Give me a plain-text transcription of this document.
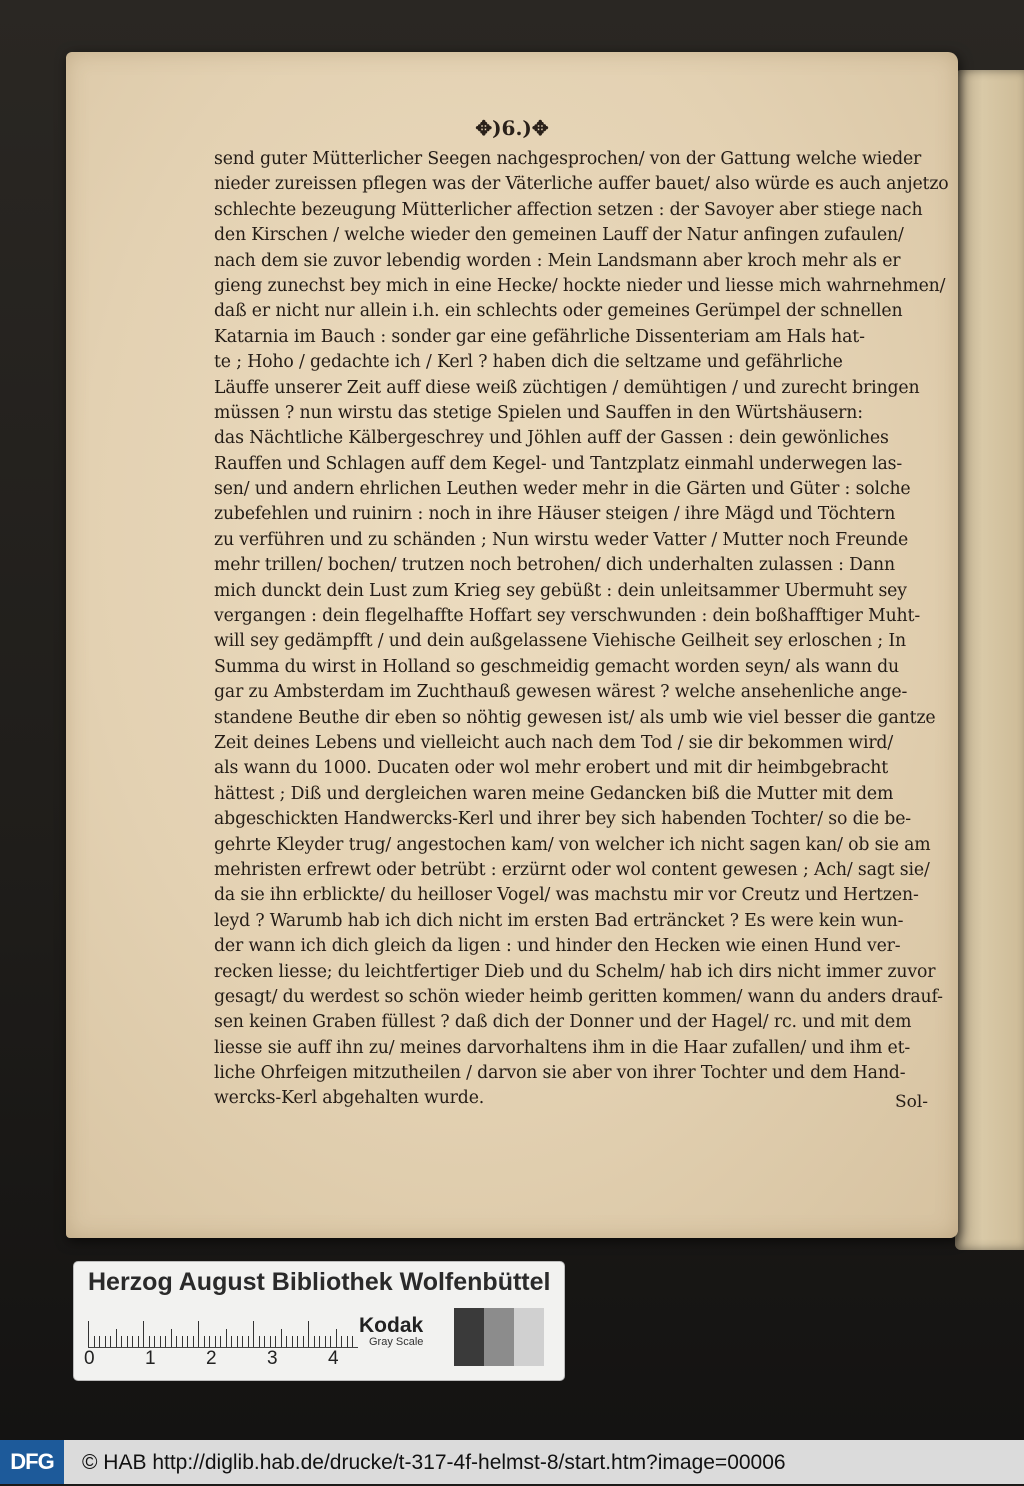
✥)6.)✥
send guter Mütterlicher Seegen nachgesprochen/ von der Gattung welche wieder
nieder zureissen pflegen was der Väterliche auffer bauet/ also würde es auch anjetzo
schlechte bezeugung Mütterlicher affection setzen : der Savoyer aber stiege nach
den Kirschen / welche wieder den gemeinen Lauff der Natur anfingen zufaulen/
nach dem sie zuvor lebendig worden : Mein Landsmann aber kroch mehr als er
gieng zunechst bey mich in eine Hecke/ hockte nieder und liesse mich wahrnehmen/
daß er nicht nur allein i.h. ein schlechts oder gemeines Gerümpel der schnellen
Katarnia im Bauch : sonder gar eine gefährliche Dissenteriam am Hals hat-
te ; Hoho / gedachte ich / Kerl ? haben dich die seltzame und gefährliche
Läuffe unserer Zeit auff diese weiß züchtigen / demühtigen / und zurecht bringen
müssen ? nun wirstu das stetige Spielen und Sauffen in den Würtshäusern:
das Nächtliche Kälbergeschrey und Jöhlen auff der Gassen : dein gewönliches
Rauffen und Schlagen auff dem Kegel- und Tantzplatz einmahl underwegen las-
sen/ und andern ehrlichen Leuthen weder mehr in die Gärten und Güter : solche
zubefehlen und ruinirn : noch in ihre Häuser steigen / ihre Mägd und Töchtern
zu verführen und zu schänden ; Nun wirstu weder Vatter / Mutter noch Freunde
mehr trillen/ bochen/ trutzen noch betrohen/ dich underhalten zulassen : Dann
mich dunckt dein Lust zum Krieg sey gebüßt : dein unleitsammer Ubermuht sey
vergangen : dein flegelhaffte Hoffart sey verschwunden : dein boßhafftiger Muht-
will sey gedämpfft / und dein außgelassene Viehische Geilheit sey erloschen ; In
Summa du wirst in Holland so geschmeidig gemacht worden seyn/ als wann du
gar zu Ambsterdam im Zuchthauß gewesen wärest ? welche ansehenliche ange-
standene Beuthe dir eben so nöhtig gewesen ist/ als umb wie viel besser die gantze
Zeit deines Lebens und vielleicht auch nach dem Tod / sie dir bekommen wird/
als wann du 1000. Ducaten oder wol mehr erobert und mit dir heimbgebracht
hättest ; Diß und dergleichen waren meine Gedancken biß die Mutter mit dem
abgeschickten Handwercks-Kerl und ihrer bey sich habenden Tochter/ so die be-
gehrte Kleyder trug/ angestochen kam/ von welcher ich nicht sagen kan/ ob sie am
mehristen erfrewt oder betrübt : erzürnt oder wol content gewesen ; Ach/ sagt sie/
da sie ihn erblickte/ du heilloser Vogel/ was machstu mir vor Creutz und Hertzen-
leyd ? Warumb hab ich dich nicht im ersten Bad erträncket ? Es were kein wun-
der wann ich dich gleich da ligen : und hinder den Hecken wie einen Hund ver-
recken liesse; du leichtfertiger Dieb und du Schelm/ hab ich dirs nicht immer zuvor
gesagt/ du werdest so schön wieder heimb geritten kommen/ wann du anders drauf-
sen keinen Graben füllest ? daß dich der Donner und der Hagel/ rc. und mit dem
liesse sie auff ihn zu/ meines darvorhaltens ihm in die Haar zufallen/ und ihm et-
liche Ohrfeigen mitzutheilen / darvon sie aber von ihrer Tochter und dem Hand-
wercks-Kerl abgehalten wurde.	Sol-
Herzog August Bibliothek Wolfenbüttel
0	1	2	3	4
Kodak
Gray Scale
DFG	© HAB http://diglib.hab.de/drucke/t-317-4f-helmst-8/start.htm?image=00006
